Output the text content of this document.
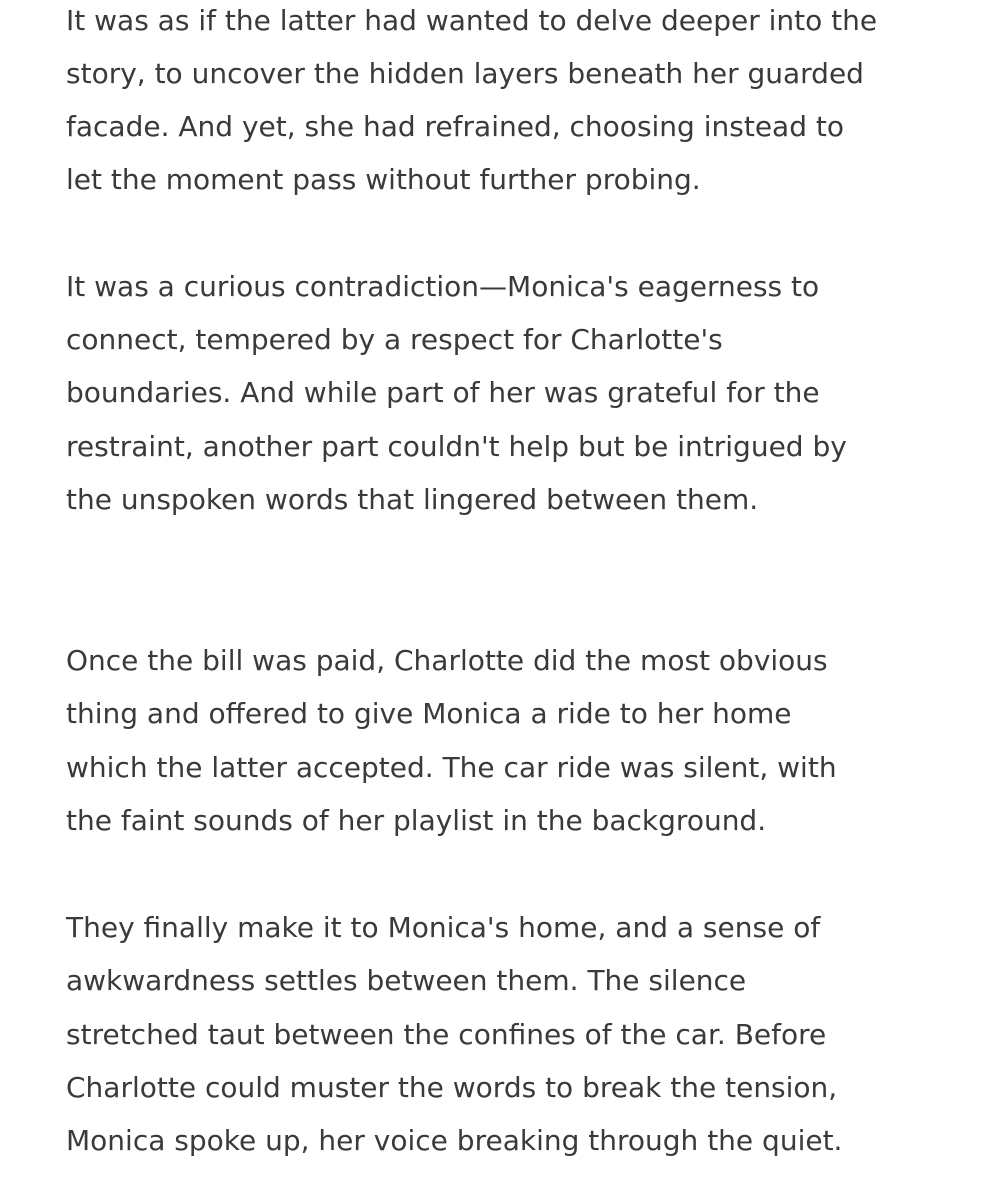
It was as if the latter had wanted to delve deeper into the

story, to uncover the hidden layers beneath her guarded

facade. And yet, she had refrained, choosing instead to

let the moment pass without further probing.

It was a curious contradiction—Monica's eagerness to

connect, tempered by a respect for Charlotte's

boundaries. And while part of her was grateful for the

restraint, another part couldn't help but be intrigued by

the unspoken words that lingered between them.

Once the bill was paid, Charlotte did the most obvious

thing and offered to give Monica a ride to her home

which the latter accepted. The car ride was silent, with

the faint sounds of her playlist in the background.

They finally make it to Monica's home, and a sense of

awkwardness settles between them. The silence

stretched taut between the confines of the car. Before

Charlotte could muster the words to break the tension,

Monica spoke up, her voice breaking through the quiet.
